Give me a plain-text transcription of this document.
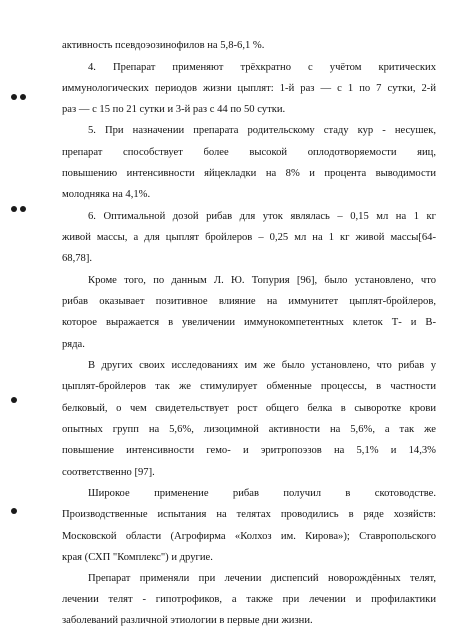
активность псевдоэозинофилов на 5,8-6,1 %.
4. Препарат применяют трёхкратно с учётом критических
иммунологических периодов жизни цыплят: 1-й раз — с 1 по 7 сутки, 2-й
раз — с 15 по 21 сутки и 3-й раз с 44 по 50 сутки.
5. При назначении препарата родительскому стаду кур - несушек,
препарат способствует более высокой оплодотворяемости яиц,
повышению интенсивности яйцекладки на 8% и процента выводимости
молодняка на 4,1%.
6. Оптимальной дозой рибав для уток являлась – 0,15 мл на 1 кг
живой массы, а для цыплят бройлеров – 0,25 мл на 1 кг живой массы[64-
68,78].
Кроме того, по данным Л. Ю. Топурия [96], было установлено, что
рибав оказывает позитивное влияние на иммунитет цыплят-бройлеров,
которое выражается в увеличении иммунокомпетентных клеток Т- и В-
ряда.
В других своих исследованиях им же было установлено, что рибав у
цыплят-бройлеров так же стимулирует обменные процессы, в частности
белковый, о чем свидетельствует рост общего белка в сыворотке крови
опытных групп на 5,6%, лизоцимной активности на 5,6%, а так же
повышение интенсивности гемо- и эритропоэзов на 5,1% и 14,3%
соответственно [97].
Широкое применение рибав получил в скотоводстве.
Производственные испытания на телятах проводились в ряде хозяйств:
Московской области (Агрофирма «Колхоз им. Кирова»); Ставропольского
края (СХП "Комплекс") и другие.
Препарат применяли при лечении диспепсий новорождённых телят,
лечении телят - гипотрофиков, а также при лечении и профилактики
заболеваний различной этиологии в первые дни жизни.
